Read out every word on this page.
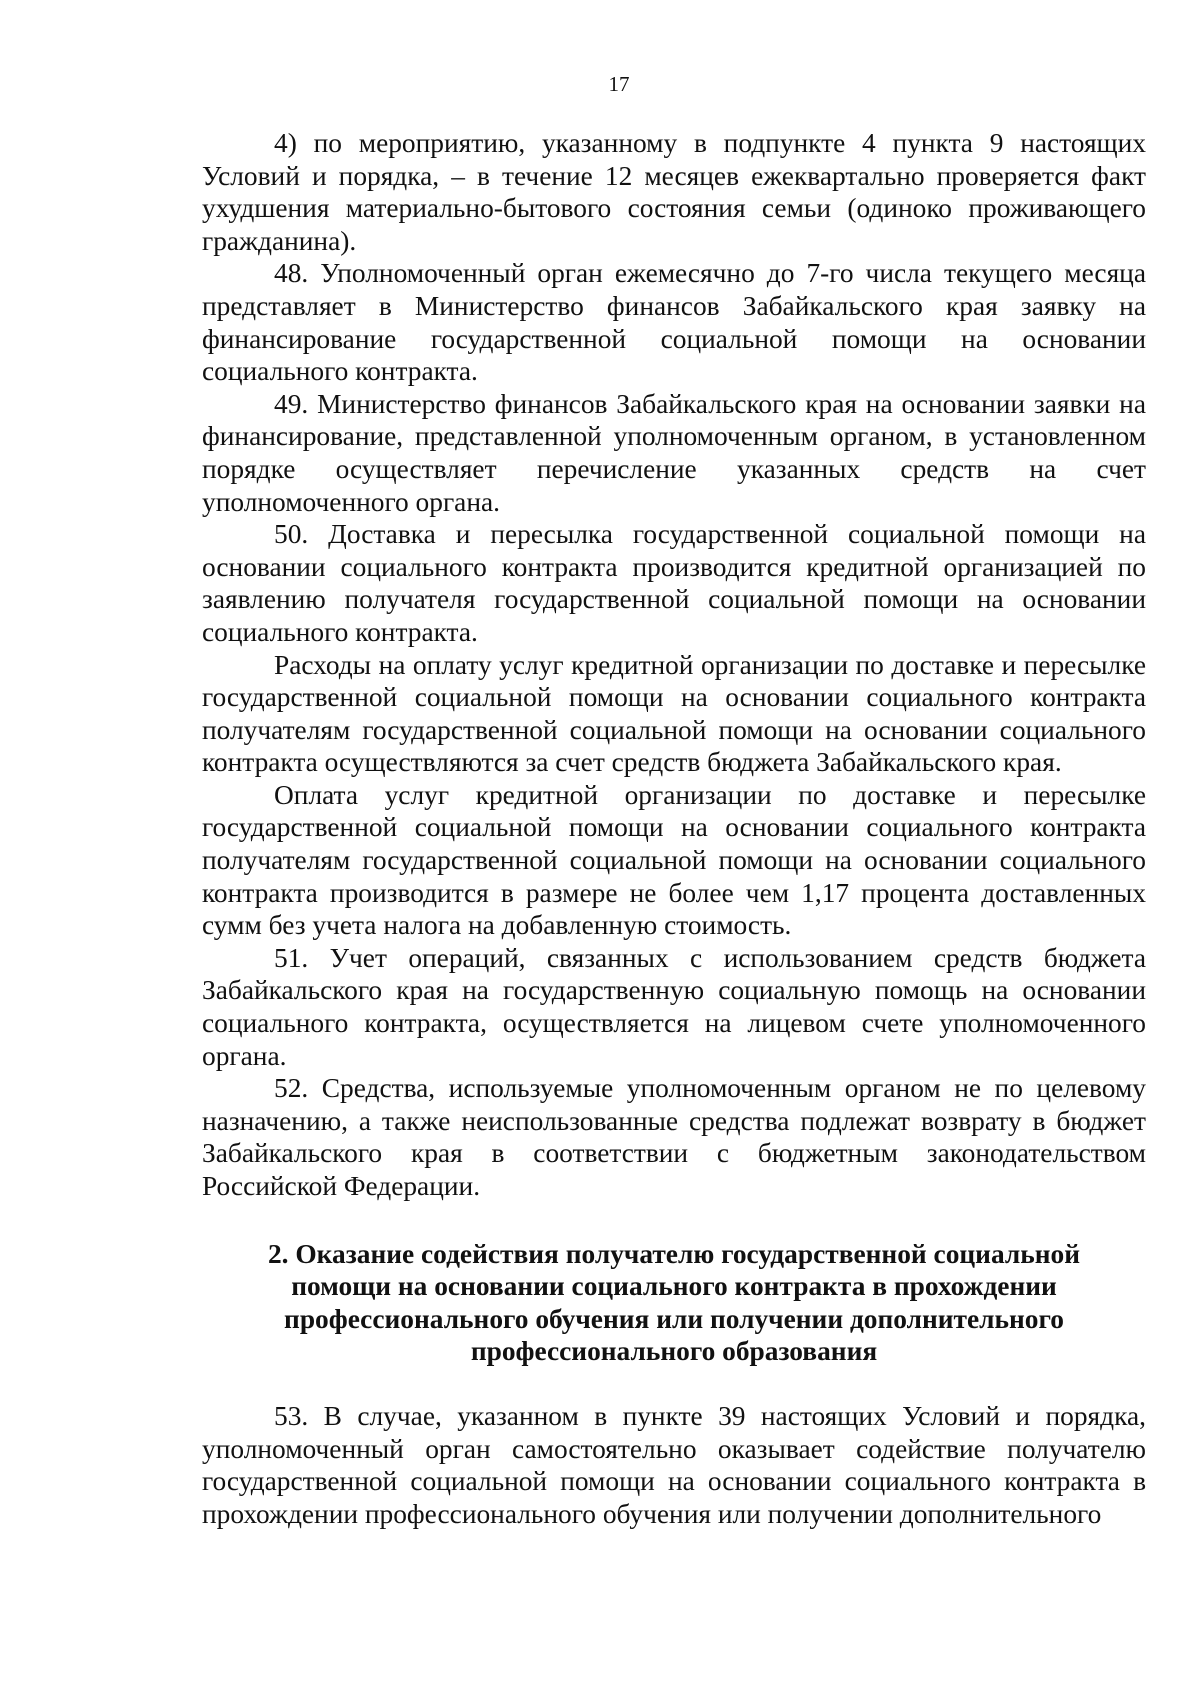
17

4) по мероприятию, указанному в подпункте 4 пункта 9 настоящих Условий и порядка, – в течение 12 месяцев ежеквартально проверяется факт ухудшения материально-бытового состояния семьи (одиноко проживающего гражданина).

48. Уполномоченный орган ежемесячно до 7-го числа текущего месяца представляет в Министерство финансов Забайкальского края заявку на финансирование государственной социальной помощи на основании социального контракта.

49. Министерство финансов Забайкальского края на основании заявки на финансирование, представленной уполномоченным органом, в установленном порядке осуществляет перечисление указанных средств на счет уполномоченного органа.

50. Доставка и пересылка государственной социальной помощи на основании социального контракта производится кредитной организацией по заявлению получателя государственной социальной помощи на основании социального контракта.

Расходы на оплату услуг кредитной организации по доставке и пересылке государственной социальной помощи на основании социального контракта получателям государственной социальной помощи на основании социального контракта осуществляются за счет средств бюджета Забайкальского края.

Оплата услуг кредитной организации по доставке и пересылке государственной социальной помощи на основании социального контракта получателям государственной социальной помощи на основании социального контракта производится в размере не более чем 1,17 процента доставленных сумм без учета налога на добавленную стоимость.

51. Учет операций, связанных с использованием средств бюджета Забайкальского края на государственную социальную помощь на основании социального контракта, осуществляется на лицевом счете уполномоченного органа.

52. Средства, используемые уполномоченным органом не по целевому назначению, а также неиспользованные средства подлежат возврату в бюджет Забайкальского края в соответствии с бюджетным законодательством Российской Федерации.

2. Оказание содействия получателю государственной социальной помощи на основании социального контракта в прохождении профессионального обучения или получении дополнительного профессионального образования

53. В случае, указанном в пункте 39 настоящих Условий и порядка, уполномоченный орган самостоятельно оказывает содействие получателю государственной социальной помощи на основании социального контракта в прохождении профессионального обучения или получении дополнительного
